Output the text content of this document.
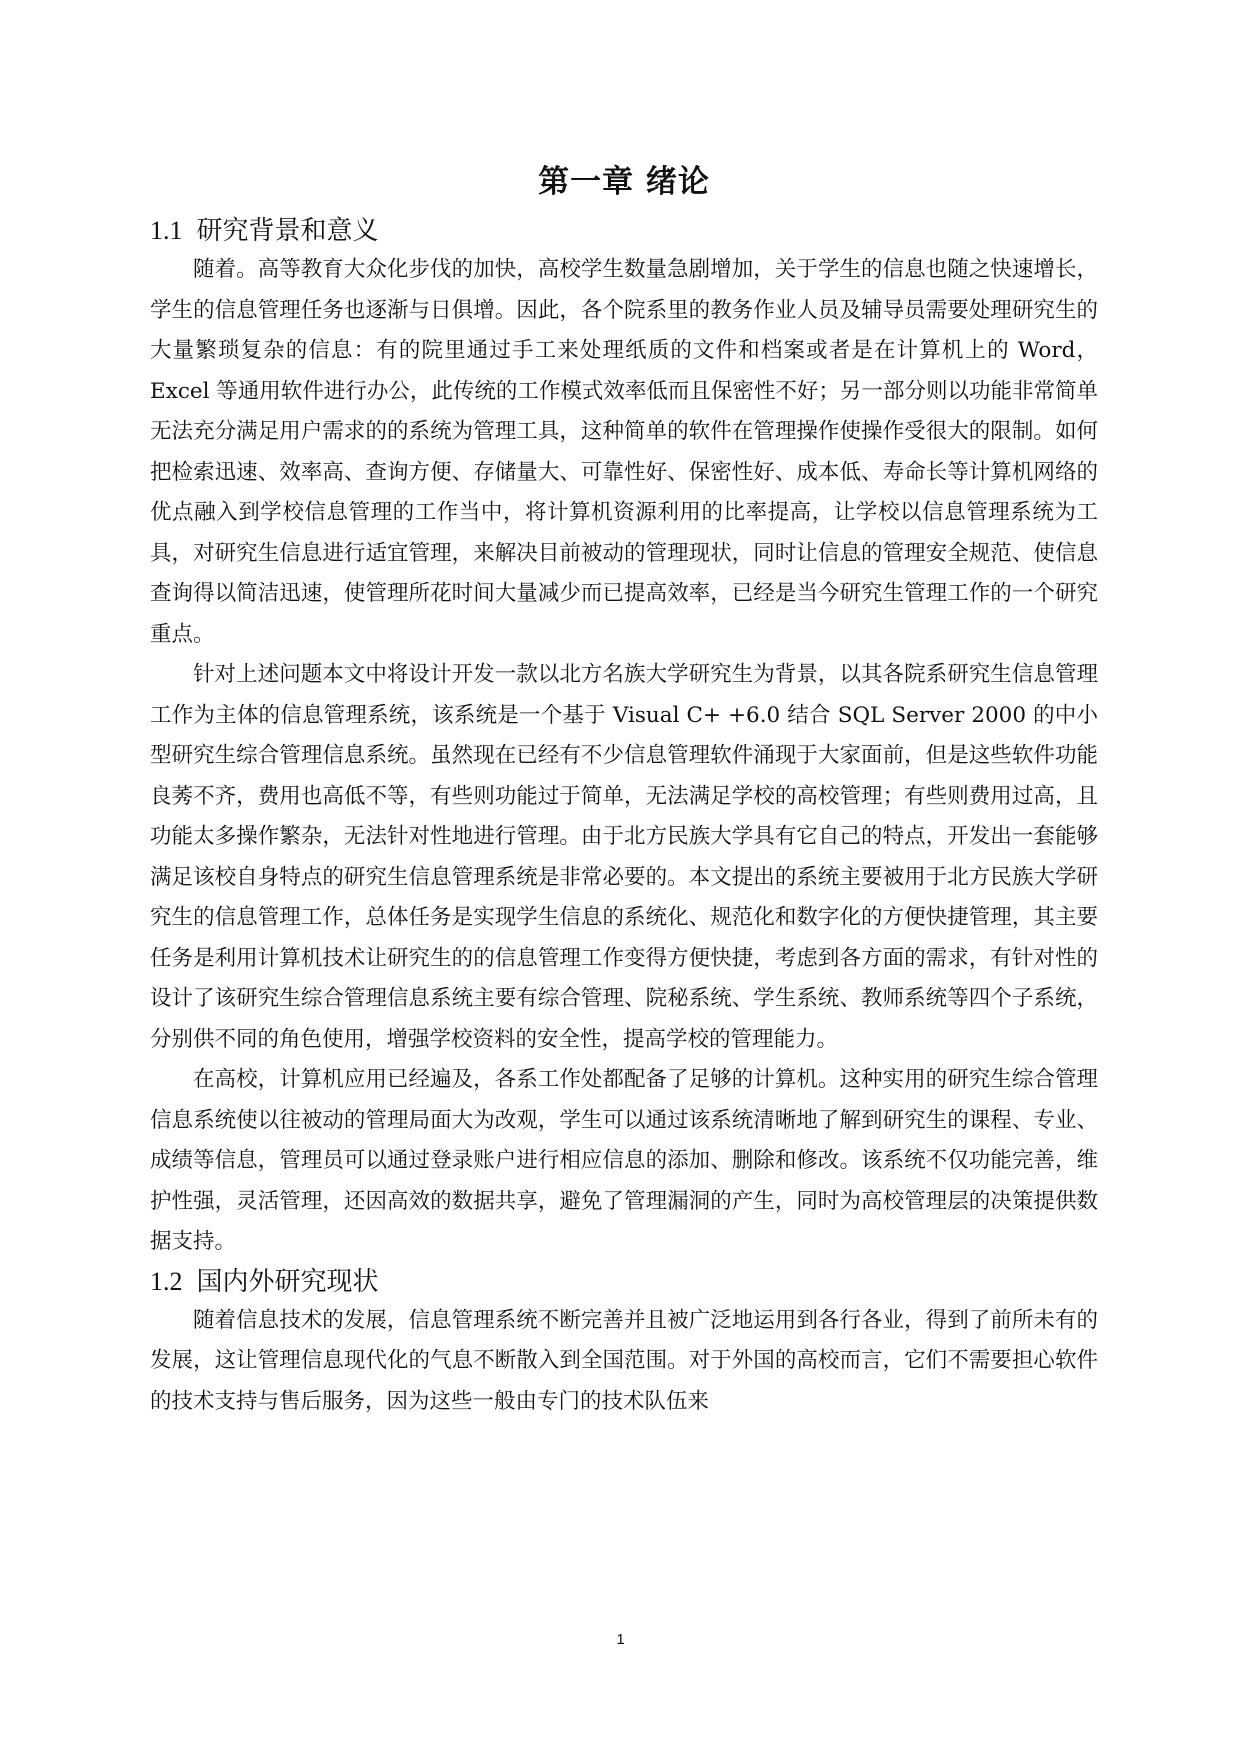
第一章 绪论
1.1 研究背景和意义

随着。高等教育大众化步伐的加快，高校学生数量急剧增加，关于学生的信息也随之快速增长，学生的信息管理任务也逐渐与日俱增。因此，各个院系里的教务作业人员及辅导员需要处理研究生的大量繁琐复杂的信息：有的院里通过手工来处理纸质的文件和档案或者是在计算机上的 Word，Excel 等通用软件进行办公，此传统的工作模式效率低而且保密性不好；另一部分则以功能非常简单无法充分满足用户需求的的系统为管理工具，这种简单的软件在管理操作使操作受很大的限制。如何把检索迅速、效率高、查询方便、存储量大、可靠性好、保密性好、成本低、寿命长等计算机网络的优点融入到学校信息管理的工作当中，将计算机资源利用的比率提高，让学校以信息管理系统为工具，对研究生信息进行适宜管理，来解决目前被动的管理现状，同时让信息的管理安全规范、使信息查询得以简洁迅速，使管理所花时间大量减少而已提高效率，已经是当今研究生管理工作的一个研究重点。

针对上述问题本文中将设计开发一款以北方名族大学研究生为背景，以其各院系研究生信息管理工作为主体的信息管理系统，该系统是一个基于 Visual C+ +6.0 结合 SQL Server 2000 的中小型研究生综合管理信息系统。虽然现在已经有不少信息管理软件涌现于大家面前，但是这些软件功能良莠不齐，费用也高低不等，有些则功能过于简单，无法满足学校的高校管理；有些则费用过高，且功能太多操作繁杂，无法针对性地进行管理。由于北方民族大学具有它自己的特点，开发出一套能够满足该校自身特点的研究生信息管理系统是非常必要的。本文提出的系统主要被用于北方民族大学研究生的信息管理工作，总体任务是实现学生信息的系统化、规范化和数字化的方便快捷管理，其主要任务是利用计算机技术让研究生的的信息管理工作变得方便快捷，考虑到各方面的需求，有针对性的设计了该研究生综合管理信息系统主要有综合管理、院秘系统、学生系统、教师系统等四个子系统，分别供不同的角色使用，增强学校资料的安全性，提高学校的管理能力。

在高校，计算机应用已经遍及，各系工作处都配备了足够的计算机。这种实用的研究生综合管理信息系统使以往被动的管理局面大为改观，学生可以通过该系统清晰地了解到研究生的课程、专业、成绩等信息，管理员可以通过登录账户进行相应信息的添加、删除和修改。该系统不仅功能完善，维护性强，灵活管理，还因高效的数据共享，避免了管理漏洞的产生，同时为高校管理层的决策提供数据支持。

1.2 国内外研究现状

随着信息技术的发展，信息管理系统不断完善并且被广泛地运用到各行各业，得到了前所未有的发展，这让管理信息现代化的气息不断散入到全国范围。对于外国的高校而言，它们不需要担心软件的技术支持与售后服务，因为这些一般由专门的技术队伍来

1
